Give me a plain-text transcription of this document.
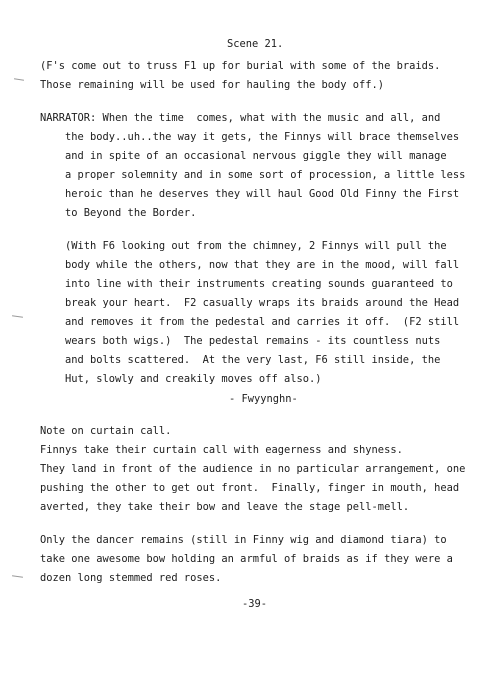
Scene 21.
(F's come out to truss F1 up for burial with some of the braids.
Those remaining will be used for hauling the body off.)
NARRATOR: When the time  comes, what with the music and all, and
the body..uh..the way it gets, the Finnys will brace themselves
and in spite of an occasional nervous giggle they will manage
a proper solemnity and in some sort of procession, a little less
heroic than he deserves they will haul Good Old Finny the First
to Beyond the Border.
(With F6 looking out from the chimney, 2 Finnys will pull the
body while the others, now that they are in the mood, will fall
into line with their instruments creating sounds guaranteed to
break your heart.  F2 casually wraps its braids around the Head
and removes it from the pedestal and carries it off.  (F2 still
wears both wigs.)  The pedestal remains - its countless nuts
and bolts scattered.  At the very last, F6 still inside, the
Hut, slowly and creakily moves off also.)
- Fwyynghn-
Note on curtain call.
Finnys take their curtain call with eagerness and shyness.
They land in front of the audience in no particular arrangement, one
pushing the other to get out front.  Finally, finger in mouth, head
averted, they take their bow and leave the stage pell-mell.
Only the dancer remains (still in Finny wig and diamond tiara) to
take one awesome bow holding an armful of braids as if they were a
dozen long stemmed red roses.
-39-
